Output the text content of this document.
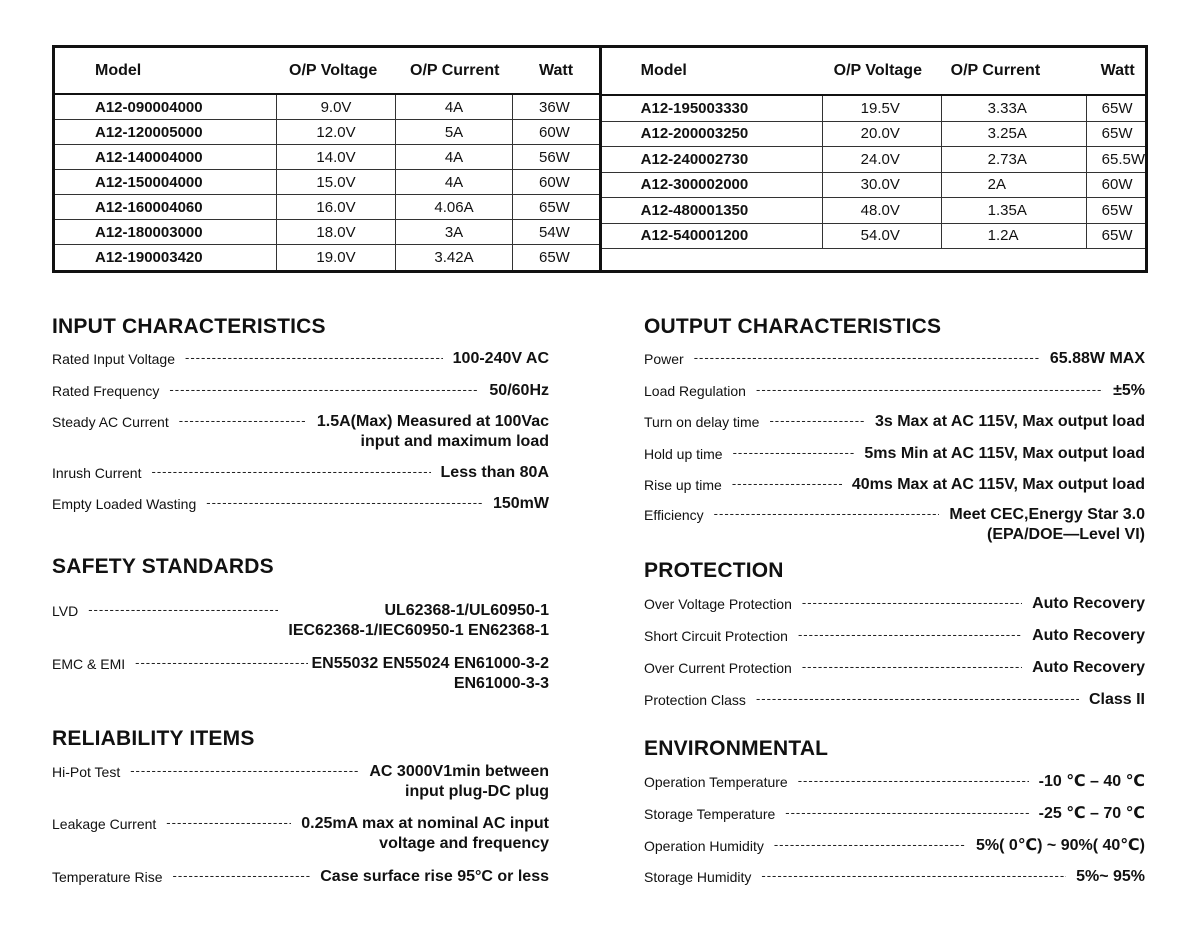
Model	O/P Voltage	O/P Current	Watt
A12-090004000	9.0V	4A	36W
A12-120005000	12.0V	5A	60W
A12-140004000	14.0V	4A	56W
A12-150004000	15.0V	4A	60W
A12-160004060	16.0V	4.06A	65W
A12-180003000	18.0V	3A	54W
A12-190003420	19.0V	3.42A	65W
Model	O/P Voltage	O/P Current	Watt
A12-195003330	19.5V	3.33A	65W
A12-200003250	20.0V	3.25A	65W
A12-240002730	24.0V	2.73A	65.5W
A12-300002000	30.0V	2A	60W
A12-480001350	48.0V	1.35A	65W
A12-540001200	54.0V	1.2A	65W
INPUT CHARACTERISTICS
Rated Input Voltage -----	100-240V AC
Rated Frequency -----	50/60Hz
Steady AC Current -----	1.5A(Max) Measured at 100Vac
input and maximum load
Inrush Current -----	Less than 80A
Empty Loaded Wasting -----	150mW
SAFETY STANDARDS
LVD -----	UL62368-1/UL60950-1
IEC62368-1/IEC60950-1 EN62368-1
EMC & EMI -----	EN55032 EN55024 EN61000-3-2
EN61000-3-3
RELIABILITY ITEMS
Hi-Pot Test -----	AC 3000V1min between
input plug-DC plug
Leakage Current -----	0.25mA max at nominal AC input
voltage and frequency
Temperature Rise -----	Case surface rise 95°C or less
OUTPUT CHARACTERISTICS
Power -----	65.88W MAX
Load Regulation -----	±5%
Turn on delay time -----	3s Max at AC 115V, Max output load
Hold up time -----	5ms Min at AC 115V, Max output load
Rise up time -----	40ms Max at AC 115V, Max output load
Efficiency -----	Meet CEC,Energy Star 3.0
(EPA/DOE—Level VI)
PROTECTION
Over Voltage Protection -----	Auto Recovery
Short Circuit Protection -----	Auto Recovery
Over Current Protection -----	Auto Recovery
Protection Class -----	Class II
ENVIRONMENTAL
Operation Temperature -----	-10 ℃ – 40 ℃
Storage Temperature -----	-25 ℃ – 70 ℃
Operation Humidity -----	5%( 0℃) ~ 90%( 40℃)
Storage Humidity -----	5%~ 95%
